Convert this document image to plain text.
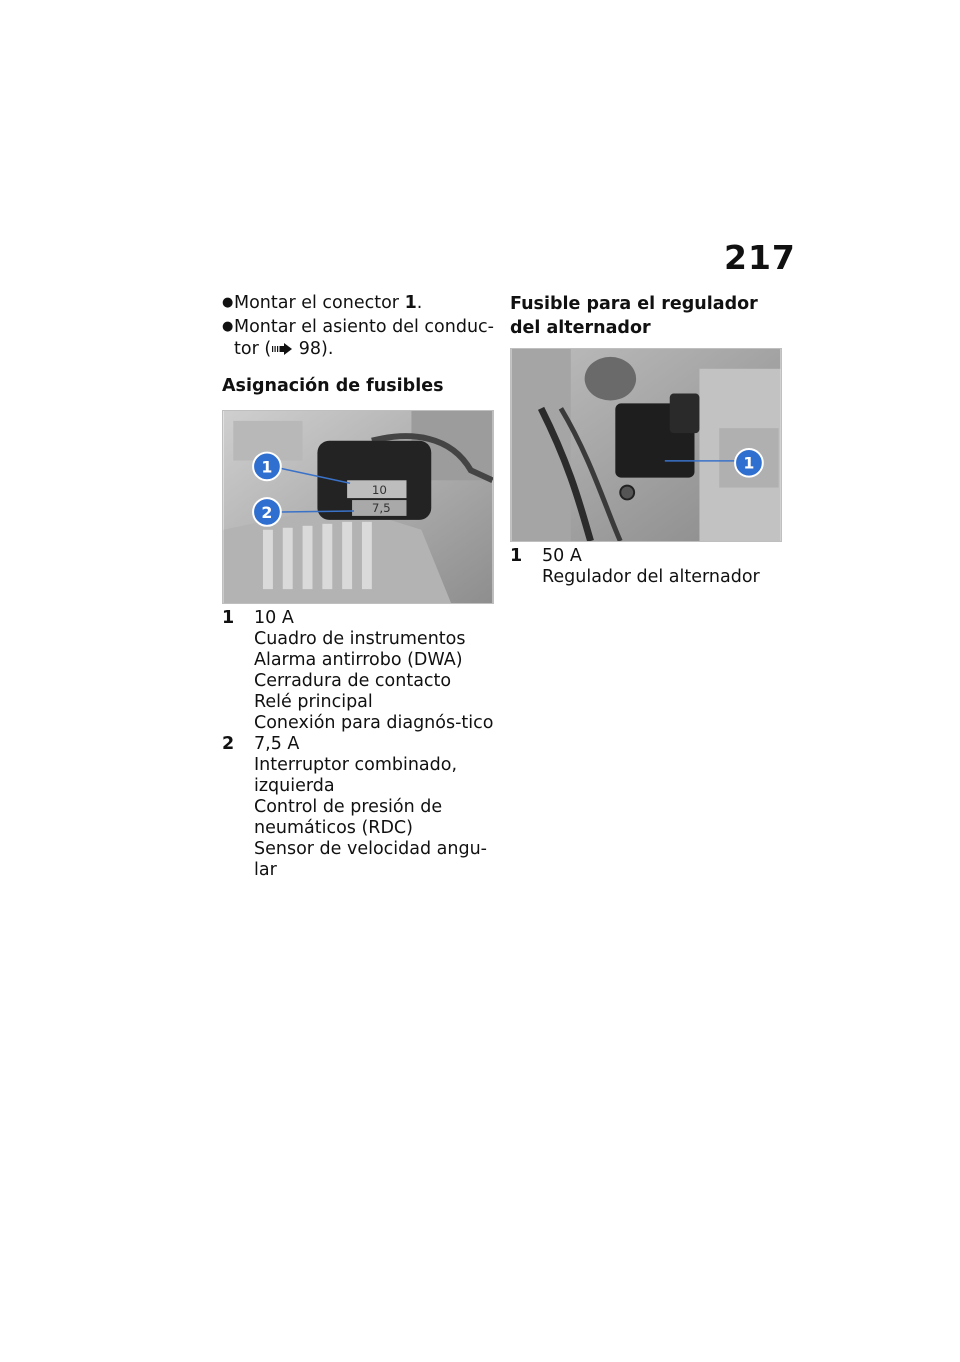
217
● Montar el conector 1.
● Montar el asiento del conduc-tor ( 98).
Asignación de fusibles
10
7,5
1
2
1	10 A
Cuadro de instrumentos
Alarma antirrobo (DWA)
Cerradura de contacto
Relé principal
Conexión para diagnós-tico
2	7,5 A
Interruptor combinado, izquierda
Control de presión de neumáticos (RDC)
Sensor de velocidad angu-lar
Fusible para el regulador del alternador
1
1	50 A
Regulador del alternador
